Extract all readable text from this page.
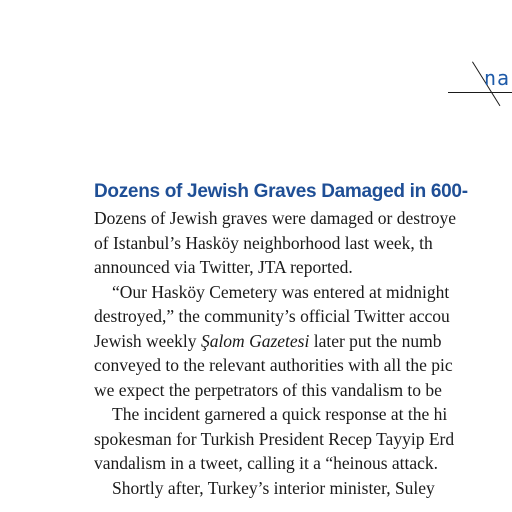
na
Dozens of Jewish Graves Damaged in 600-

Dozens of Jewish graves were damaged or destroye

of Istanbul’s Hasköy neighborhood last week, th

announced via Twitter, JTA reported.

“Our Hasköy Cemetery was entered at midnight

destroyed,” the community’s official Twitter accou

Jewish weekly Şalom Gazetesi later put the numb

conveyed to the relevant authorities with all the pic

we expect the perpetrators of this vandalism to be

The incident garnered a quick response at the hi

spokesman for Turkish President Recep Tayyip Erd

vandalism in a tweet, calling it a “heinous attack.

Shortly after, Turkey’s interior minister, Suley
